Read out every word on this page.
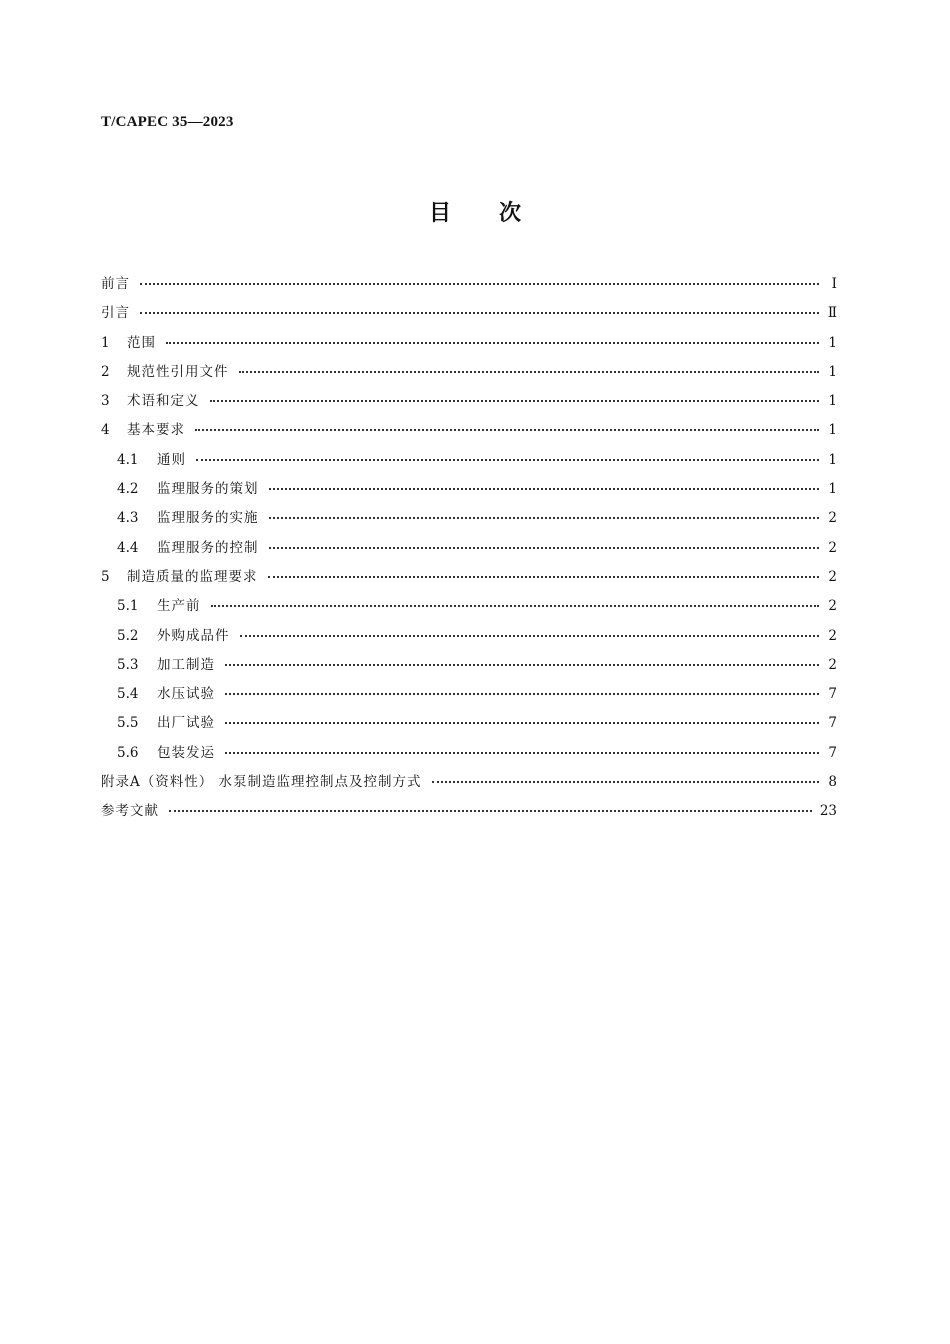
T/CAPEC 35—2023
目次
前言	Ⅰ
引言	Ⅱ
1	范围	1
2	规范性引用文件	1
3	术语和定义	1
4	基本要求	1
4.1	通则	1
4.2	监理服务的策划	1
4.3	监理服务的实施	2
4.4	监理服务的控制	2
5	制造质量的监理要求	2
5.1	生产前	2
5.2	外购成品件	2
5.3	加工制造	2
5.4	水压试验	7
5.5	出厂试验	7
5.6	包装发运	7
附录A（资料性） 水泵制造监理控制点及控制方式	8
参考文献	23
